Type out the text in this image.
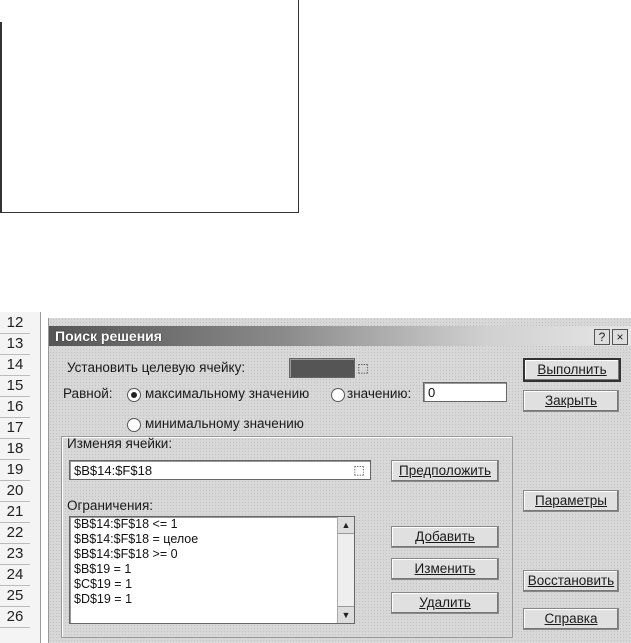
12
13
14
15
16
17
18
19
20
21
22
23
24
25
26
Поиск решения	? ×
Установить целевую ячейку:	⬚
Равной: максимальному значению	значению:	0
минимальному значению
Изменяя ячейки:
$B$14:$F$18	⬚	Предположить
Ограничения:
$B$14:$F$18 <= 1
$B$14:$F$18 = целое
$B$14:$F$18 >= 0
$B$19 = 1
$C$19 = 1
$D$19 = 1
▲
▼
Добавить
Изменить
Удалить
Выполнить
Закрыть
Параметры
Восстановить
Справка
